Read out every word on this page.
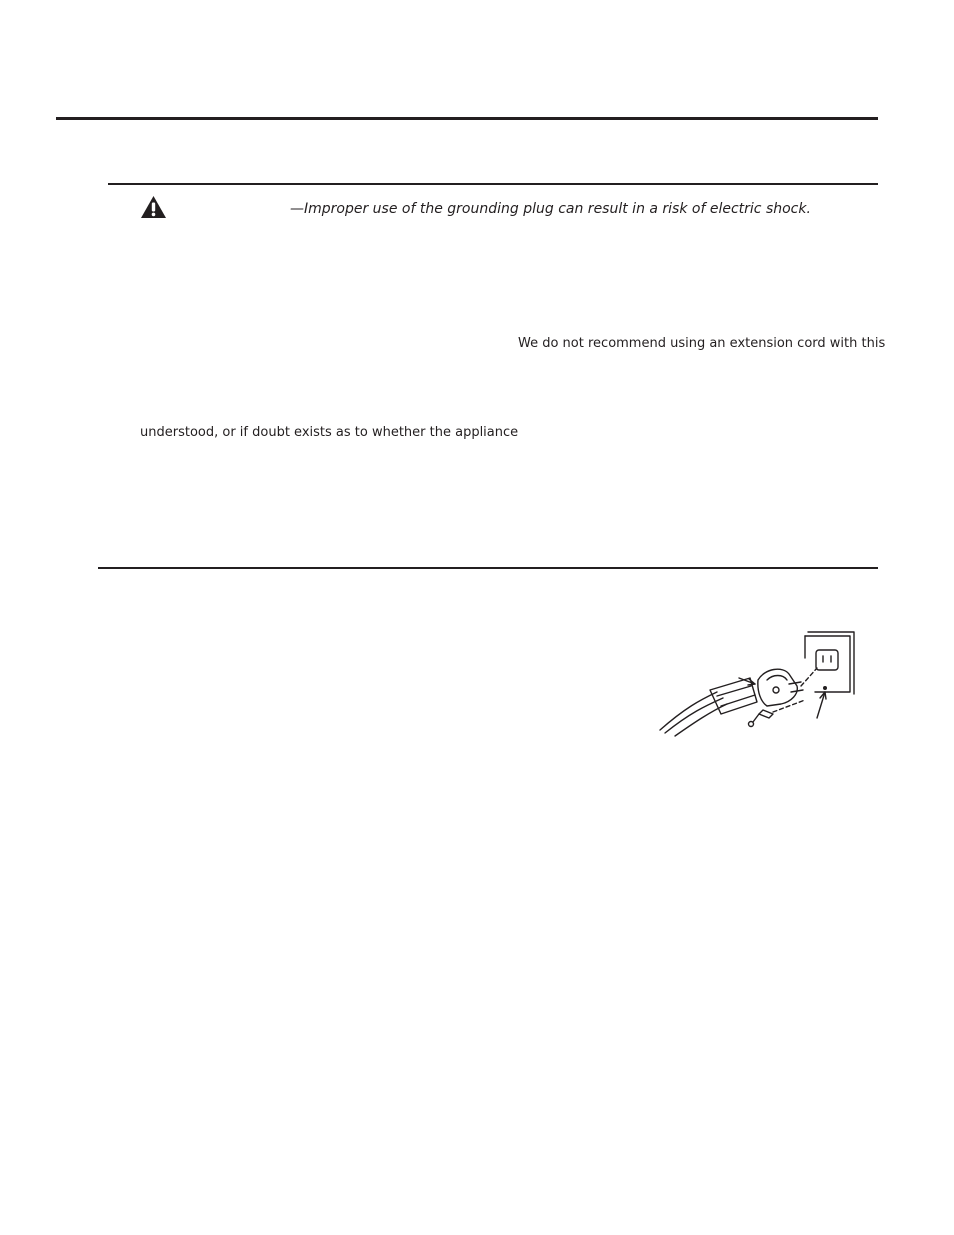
—Improper use of the grounding plug can result in a risk of electric shock.
We do not recommend using an extension cord with this
understood, or if doubt exists as to whether the appliance
